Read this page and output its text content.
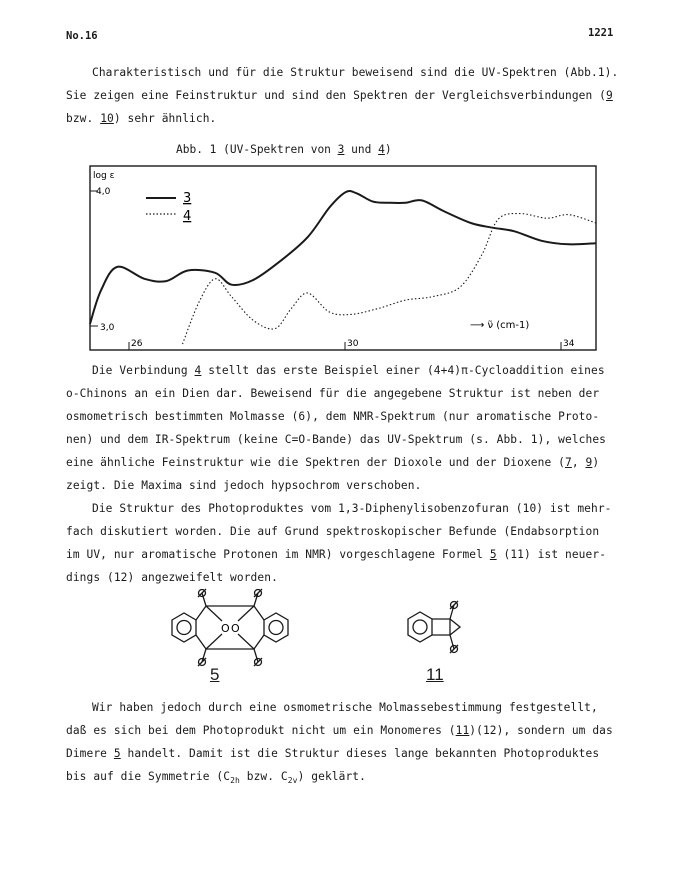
No.16	1221

Charakteristisch und für die Struktur beweisend sind die UV-Spektren (Abb.1).

Sie zeigen eine Feinstruktur und sind den Spektren der Vergleichsverbindungen (9

bzw. 10) sehr ähnlich.

Abb. 1 (UV-Spektren von 3 und 4)
log ε
4,0
3,0
26	30	34
⟶ ν̃ (cm-1)
3
4

Die Verbindung 4 stellt das erste Beispiel einer (4+4)π-Cycloaddition eines

o-Chinons an ein Dien dar. Beweisend für die angegebene Struktur ist neben der

osmometrisch bestimmten Molmasse (6), dem NMR-Spektrum (nur aromatische Proto-

nen) und dem IR-Spektrum (keine C=O-Bande) das UV-Spektrum (s. Abb. 1), welches

eine ähnliche Feinstruktur wie die Spektren der Dioxole und der Dioxene (7, 9)

zeigt. Die Maxima sind jedoch hypsochrom verschoben.

Die Struktur des Photoproduktes vom 1,3-Diphenylisobenzofuran (10) ist mehr-

fach diskutiert worden. Die auf Grund spektroskopischer Befunde (Endabsorption

im UV, nur aromatische Protonen im NMR) vorgeschlagene Formel 5 (11) ist neuer-

dings (12) angezweifelt worden.

O O
5	11

Wir haben jedoch durch eine osmometrische Molmassebestimmung festgestellt,

daß es sich bei dem Photoprodukt nicht um ein Monomeres (11)(12), sondern um das

Dimere 5 handelt. Damit ist die Struktur dieses lange bekannten Photoproduktes

bis auf die Symmetrie ($C_{2h}$ bzw. $C_{2v}$) geklärt.
